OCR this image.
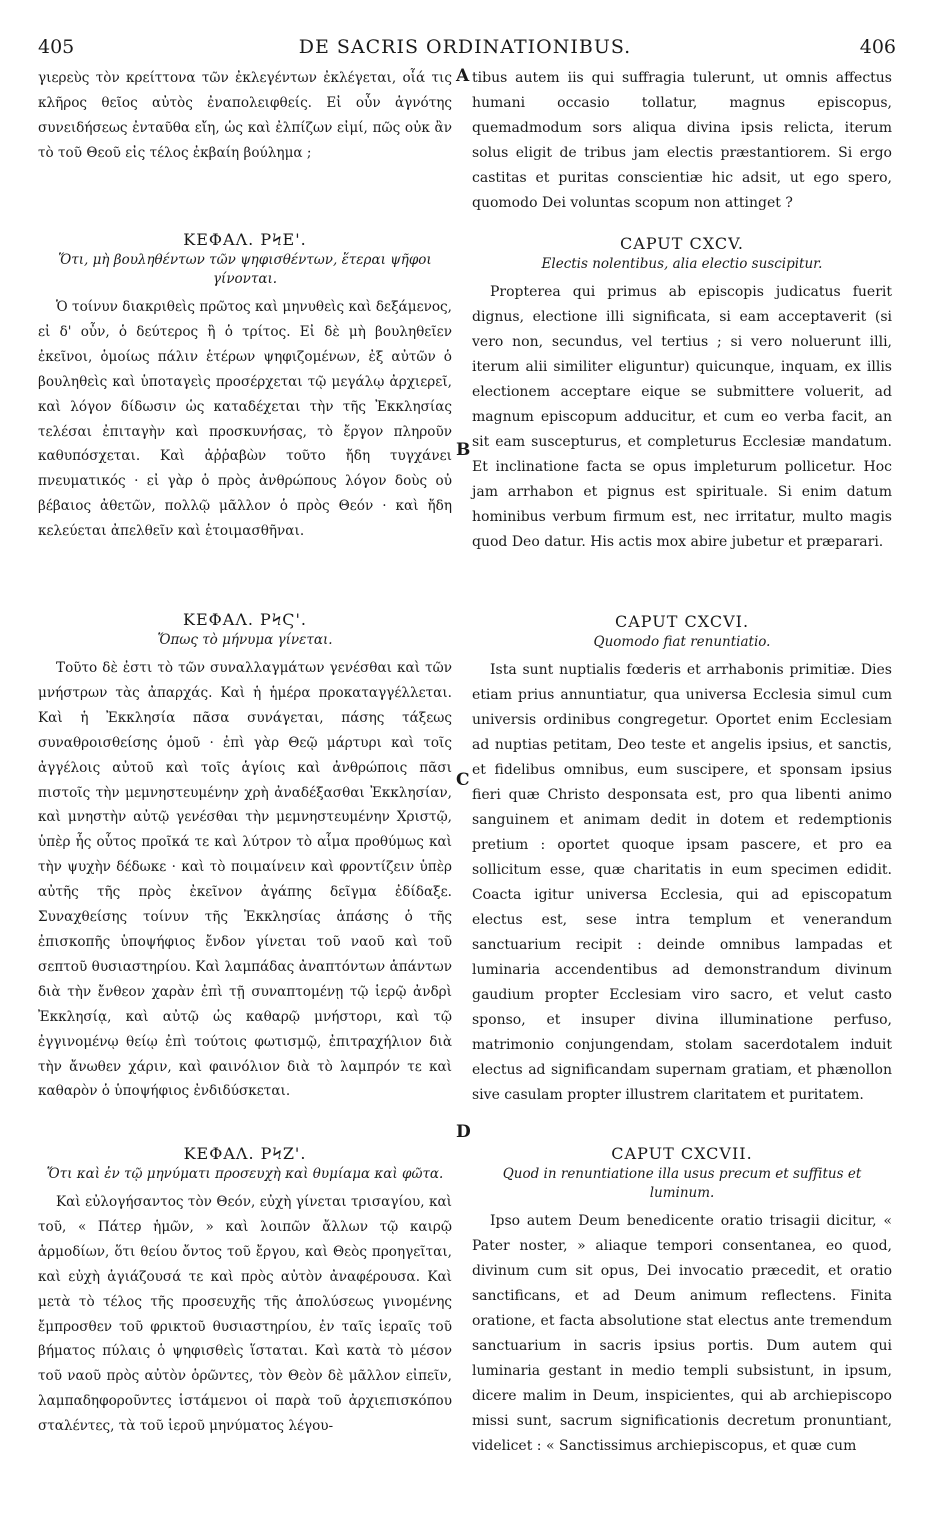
405	DE SACRIS ORDINATIONIBUS.	406
A
B
C
D

γιερεὺς τὸν κρείττονα τῶν ἐκλεγέντων ἐκλέγεται, οἷά τις κλῆρος θεῖος αὐτὸς ἐναπολειφθείς. Εἰ οὖν ἁγνότης συνειδήσεως ἐνταῦθα εἴη, ὡς καὶ ἐλπίζων εἰμί, πῶς οὐκ ἂν τὸ τοῦ Θεοῦ εἰς τέλος ἐκβαίη βούλημα ;

ΚΕΦΑΛ. ΡϞΕ'.
Ὅτι, μὴ βουληθέντων τῶν ψηφισθέντων, ἕτεραι ψῆφοι γίνονται.

Ὁ τοίνυν διακριθεὶς πρῶτος καὶ μηνυθεὶς καὶ δεξάμενος, εἰ δ' οὖν, ὁ δεύτερος ἢ ὁ τρίτος. Εἰ δὲ μὴ βουληθεῖεν ἐκεῖνοι, ὁμοίως πάλιν ἑτέρων ψηφιζομένων, ἐξ αὐτῶν ὁ βουληθεὶς καὶ ὑποταγεὶς προσέρχεται τῷ μεγάλῳ ἀρχιερεῖ, καὶ λόγον δίδωσιν ὡς καταδέχεται τὴν τῆς Ἐκκλησίας τελέσαι ἐπιταγὴν καὶ προσκυνήσας, τὸ ἔργον πληροῦν καθυπόσχεται. Καὶ ἀῤῥαβὼν τοῦτο ἤδη τυγχάνει πνευματικός · εἰ γὰρ ὁ πρὸς ἀνθρώπους λόγον δοὺς οὐ βέβαιος ἀθετῶν, πολλῷ μᾶλλον ὁ πρὸς Θεόν · καὶ ἤδη κελεύεται ἀπελθεῖν καὶ ἑτοιμασθῆναι.

ΚΕΦΑΛ. ΡϞϚ'.
Ὅπως τὸ μήνυμα γίνεται.

Τοῦτο δὲ ἐστι τὸ τῶν συναλλαγμάτων γενέσθαι καὶ τῶν μνήστρων τὰς ἀπαρχάς. Καὶ ἡ ἡμέρα προκαταγγέλλεται. Καὶ ἡ Ἐκκλησία πᾶσα συνάγεται, πάσης τάξεως συναθροισθείσης ὁμοῦ · ἐπὶ γὰρ Θεῷ μάρτυρι καὶ τοῖς ἀγγέλοις αὐτοῦ καὶ τοῖς ἁγίοις καὶ ἀνθρώποις πᾶσι πιστοῖς τὴν μεμνηστευμένην χρὴ ἀναδέξασθαι Ἐκκλησίαν, καὶ μνηστὴν αὐτῷ γενέσθαι τὴν μεμνηστευμένην Χριστῷ, ὑπὲρ ἧς οὗτος προῖκά τε καὶ λύτρον τὸ αἷμα προθύμως καὶ τὴν ψυχὴν δέδωκε · καὶ τὸ ποιμαίνειν καὶ φροντίζειν ὑπὲρ αὐτῆς τῆς πρὸς ἐκεῖνον ἀγάπης δεῖγμα ἐδίδαξε. Συναχθείσης τοίνυν τῆς Ἐκκλησίας ἁπάσης ὁ τῆς ἐπισκοπῆς ὑποψήφιος ἔνδον γίνεται τοῦ ναοῦ καὶ τοῦ σεπτοῦ θυσιαστηρίου. Καὶ λαμπάδας ἀναπτόντων ἁπάντων διὰ τὴν ἔνθεον χαρὰν ἐπὶ τῇ συναπτομένῃ τῷ ἱερῷ ἀνδρὶ Ἐκκλησίᾳ, καὶ αὐτῷ ὡς καθαρῷ μνήστορι, καὶ τῷ ἐγγινομένῳ θείῳ ἐπὶ τούτοις φωτισμῷ, ἐπιτραχήλιον διὰ τὴν ἄνωθεν χάριν, καὶ φαινόλιον διὰ τὸ λαμπρόν τε καὶ καθαρὸν ὁ ὑποψήφιος ἐνδιδύσκεται.

ΚΕΦΑΛ. ΡϞΖ'.
Ὅτι καὶ ἐν τῷ μηνύματι προσευχὴ καὶ θυμίαμα καὶ φῶτα.

Καὶ εὐλογήσαντος τὸν Θεόν, εὐχὴ γίνεται τρισαγίου, καὶ τοῦ, « Πάτερ ἡμῶν, » καὶ λοιπῶν ἄλλων τῷ καιρῷ ἁρμοδίων, ὅτι θείου ὄντος τοῦ ἔργου, καὶ Θεὸς προηγεῖται, καὶ εὐχὴ ἁγιάζουσά τε καὶ πρὸς αὐτὸν ἀναφέρουσα. Καὶ μετὰ τὸ τέλος τῆς προσευχῆς τῆς ἀπολύσεως γινομένης ἔμπροσθεν τοῦ φρικτοῦ θυσιαστηρίου, ἐν ταῖς ἱεραῖς τοῦ βήματος πύλαις ὁ ψηφισθεὶς ἵσταται. Καὶ κατὰ τὸ μέσον τοῦ ναοῦ πρὸς αὐτὸν ὁρῶντες, τὸν Θεὸν δὲ μᾶλλον εἰπεῖν, λαμπαδηφοροῦντες ἱστάμενοι οἱ παρὰ τοῦ ἀρχιεπισκόπου σταλέντες, τὰ τοῦ ἱεροῦ μηνύματος λέγου-

tibus autem iis qui suffragia tulerunt, ut omnis affectus humani occasio tollatur, magnus episcopus, quemadmodum sors aliqua divina ipsis relicta, iterum solus eligit de tribus jam electis præstantiorem. Si ergo castitas et puritas conscientiæ hic adsit, ut ego spero, quomodo Dei voluntas scopum non attinget ?

CAPUT CXCV.
Electis nolentibus, alia electio suscipitur.

Propterea qui primus ab episcopis judicatus fuerit dignus, electione illi significata, si eam acceptaverit (si vero non, secundus, vel tertius ; si vero noluerunt illi, iterum alii similiter eliguntur) quicunque, inquam, ex illis electionem acceptare eique se submittere voluerit, ad magnum episcopum adducitur, et cum eo verba facit, an sit eam suscepturus, et completurus Ecclesiæ mandatum. Et inclinatione facta se opus impleturum pollicetur. Hoc jam arrhabon et pignus est spirituale. Si enim datum hominibus verbum firmum est, nec irritatur, multo magis quod Deo datur. His actis mox abire jubetur et præparari.

CAPUT CXCVI.
Quomodo fiat renuntiatio.

Ista sunt nuptialis fœderis et arrhabonis primitiæ. Dies etiam prius annuntiatur, qua universa Ecclesia simul cum universis ordinibus congregetur. Oportet enim Ecclesiam ad nuptias petitam, Deo teste et angelis ipsius, et sanctis, et fidelibus omnibus, eum suscipere, et sponsam ipsius fieri quæ Christo desponsata est, pro qua libenti animo sanguinem et animam dedit in dotem et redemptionis pretium : oportet quoque ipsam pascere, et pro ea sollicitum esse, quæ charitatis in eum specimen edidit. Coacta igitur universa Ecclesia, qui ad episcopatum electus est, sese intra templum et venerandum sanctuarium recipit : deinde omnibus lampadas et luminaria accendentibus ad demonstrandum divinum gaudium propter Ecclesiam viro sacro, et velut casto sponso, et insuper divina illuminatione perfuso, matrimonio conjungendam, stolam sacerdotalem induit electus ad significandam supernam gratiam, et phænollon sive casulam propter illustrem claritatem et puritatem.

CAPUT CXCVII.
Quod in renuntiatione illa usus precum et suffitus et luminum.

Ipso autem Deum benedicente oratio trisagii dicitur, « Pater noster, » aliaque tempori consentanea, eo quod, divinum cum sit opus, Dei invocatio præcedit, et oratio sanctificans, et ad Deum animum reflectens. Finita oratione, et facta absolutione stat electus ante tremendum sanctuarium in sacris ipsius portis. Dum autem qui luminaria gestant in medio templi subsistunt, in ipsum, dicere malim in Deum, inspicientes, qui ab archiepiscopo missi sunt, sacrum significationis decretum pronuntiant, videlicet : « Sanctissimus archiepiscopus, et quæ cum
